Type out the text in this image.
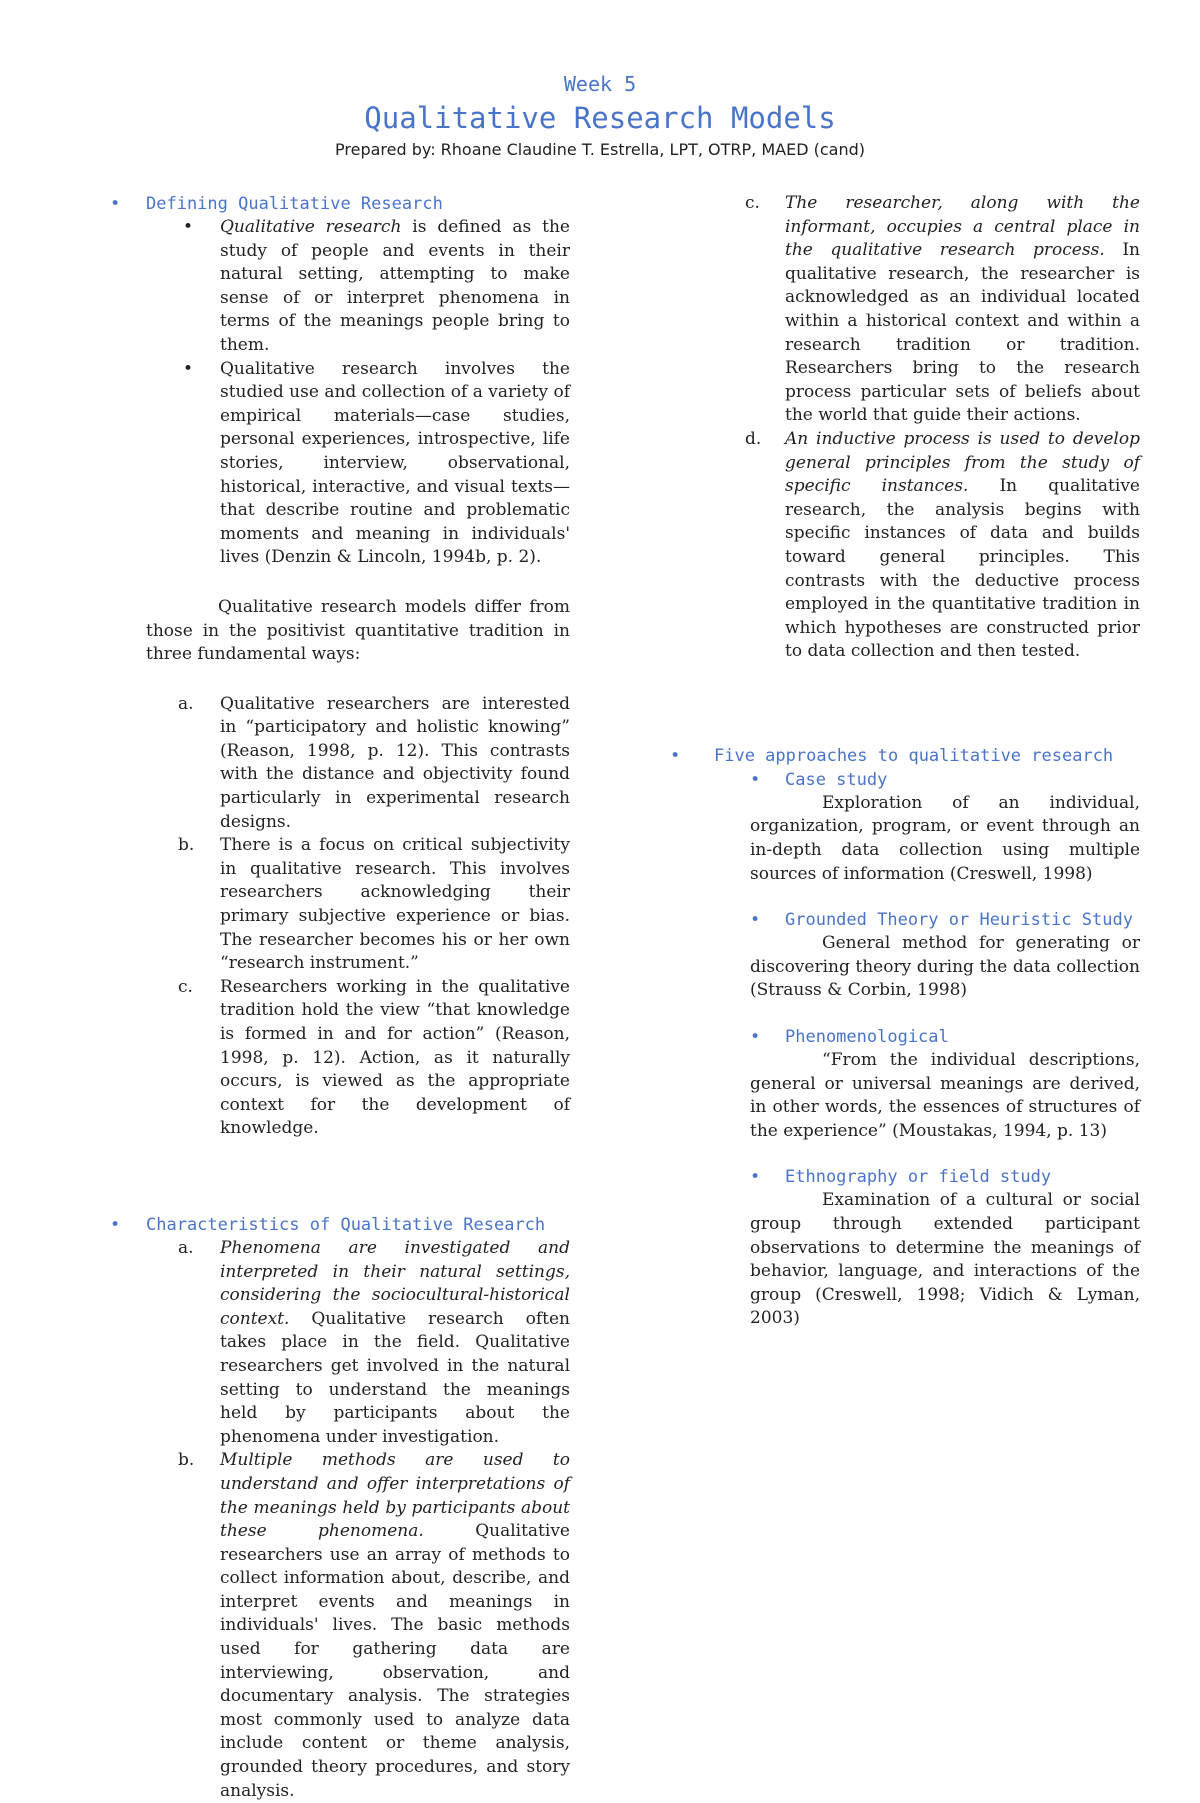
Week 5
Qualitative Research Models
Prepared by: Rhoane Claudine T. Estrella, LPT, OTRP, MAED (cand)
• Defining Qualitative Research
• Qualitative research is defined as the study of people and events in their natural setting, attempting to make sense of or interpret phenomena in terms of the meanings people bring to them.
• Qualitative research involves the studied use and collection of a variety of empirical materials—case studies, personal experiences, introspective, life stories, interview, observational, historical, interactive, and visual texts—that describe routine and problematic moments and meaning in individuals' lives (Denzin & Lincoln, 1994b, p. 2).
Qualitative research models differ from those in the positivist quantitative tradition in three fundamental ways:
a. Qualitative researchers are interested in “participatory and holistic knowing” (Reason, 1998, p. 12). This contrasts with the distance and objectivity found particularly in experimental research designs.
b. There is a focus on critical subjectivity in qualitative research. This involves researchers acknowledging their primary subjective experience or bias. The researcher becomes his or her own “research instrument.”
c. Researchers working in the qualitative tradition hold the view “that knowledge is formed in and for action” (Reason, 1998, p. 12). Action, as it naturally occurs, is viewed as the appropriate context for the development of knowledge.
• Characteristics of Qualitative Research
a. Phenomena are investigated and interpreted in their natural settings, considering the sociocultural-historical context. Qualitative research often takes place in the field. Qualitative researchers get involved in the natural setting to understand the meanings held by participants about the phenomena under investigation.
b. Multiple methods are used to understand and offer interpretations of the meanings held by participants about these phenomena. Qualitative researchers use an array of methods to collect information about, describe, and interpret events and meanings in individuals' lives. The basic methods used for gathering data are interviewing, observation, and documentary analysis. The strategies most commonly used to analyze data include content or theme analysis, grounded theory procedures, and story analysis.
c. The researcher, along with the informant, occupies a central place in the qualitative research process. In qualitative research, the researcher is acknowledged as an individual located within a historical context and within a research tradition or tradition. Researchers bring to the research process particular sets of beliefs about the world that guide their actions.
d. An inductive process is used to develop general principles from the study of specific instances. In qualitative research, the analysis begins with specific instances of data and builds toward general principles. This contrasts with the deductive process employed in the quantitative tradition in which hypotheses are constructed prior to data collection and then tested.
• Five approaches to qualitative research
• Case study
Exploration of an individual, organization, program, or event through an in-depth data collection using multiple sources of information (Creswell, 1998)
• Grounded Theory or Heuristic Study
General method for generating or discovering theory during the data collection (Strauss & Corbin, 1998)
• Phenomenological
“From the individual descriptions, general or universal meanings are derived, in other words, the essences of structures of the experience” (Moustakas, 1994, p. 13)
• Ethnography or field study
Examination of a cultural or social group through extended participant observations to determine the meanings of behavior, language, and interactions of the group (Creswell, 1998; Vidich & Lyman, 2003)
